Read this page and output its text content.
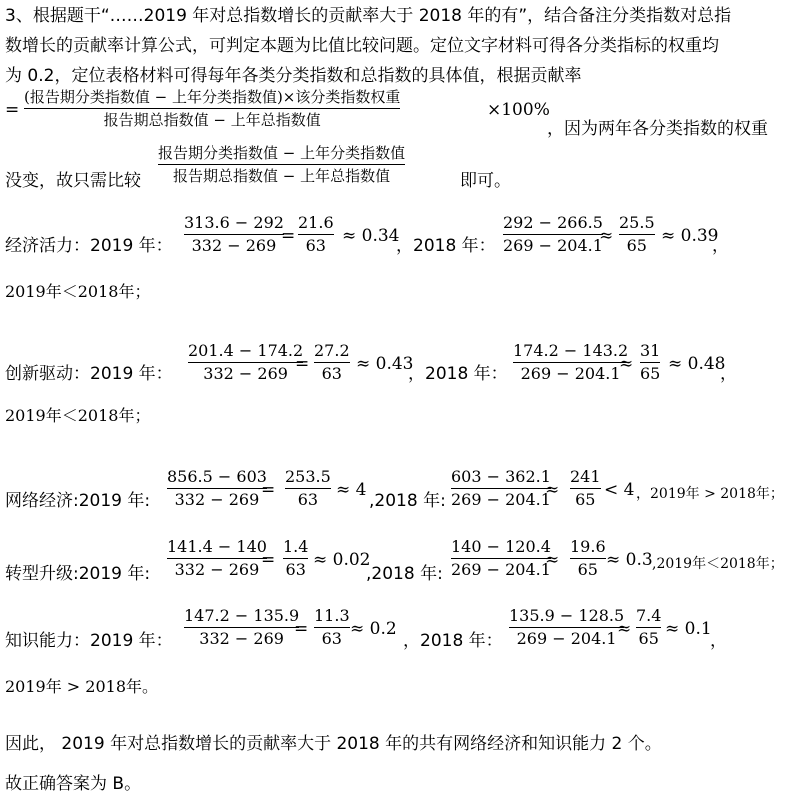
3、根据题干“……2019 年对总指数增长的贡献率大于 2018 年的有”，结合备注分类指数对总指
数增长的贡献率计算公式，可判定本题为比值比较问题。定位文字材料可得各分类指标的权重均
为 0.2，定位表格材料可得每年各类分类指数和总指数的具体值，根据贡献率
=
(报告期分类指数值 − 上年分类指数值)×该分类指数权重
报告期总指数值 − 上年总指数值	×100%
，因为两年各分类指数的权重
没变，故只需比较
报告期分类指数值 − 上年分类指数值
报告期总指数值 − 上年总指数值	即可。
经济活力：2019 年：
313.6 − 292
332 − 269 =
21.6
63 ≈ 0.34
，2018 年：
292 − 266.5
269 − 204.1
≈
25.5
65 ≈ 0.39
，
2019年＜2018年；
创新驱动：2019 年：
201.4 − 174.2
332 − 269 =
27.2
63 ≈ 0.43
，2018 年：
174.2 − 143.2
269 − 204.1
≈
31
65 ≈ 0.48
，
2019年＜2018年；
网络经济:2019 年:
856.5 − 603
332 − 269 =
253.5
63 ≈ 4
,2018 年:
603 − 362.1
269 − 204.1
≈
241
65 < 4 ，2019年 > 2018年；
转型升级:2019 年:
141.4 − 140
332 − 269 =
1.4
63 ≈ 0.02
,2018 年:
140 − 120.4
269 − 204.1
≈
19.6
65 ≈ 0.3 ,2019年＜2018年；
知识能力：2019 年：
147.2 − 135.9
332 − 269 =
11.3
63 ≈ 0.2
，2018 年：
135.9 − 128.5
269 − 204.1 ≈
7.4
65 ≈ 0.1
，
2019年 > 2018年。
因此， 2019 年对总指数增长的贡献率大于 2018 年的共有网络经济和知识能力 2 个。
故正确答案为 B。
